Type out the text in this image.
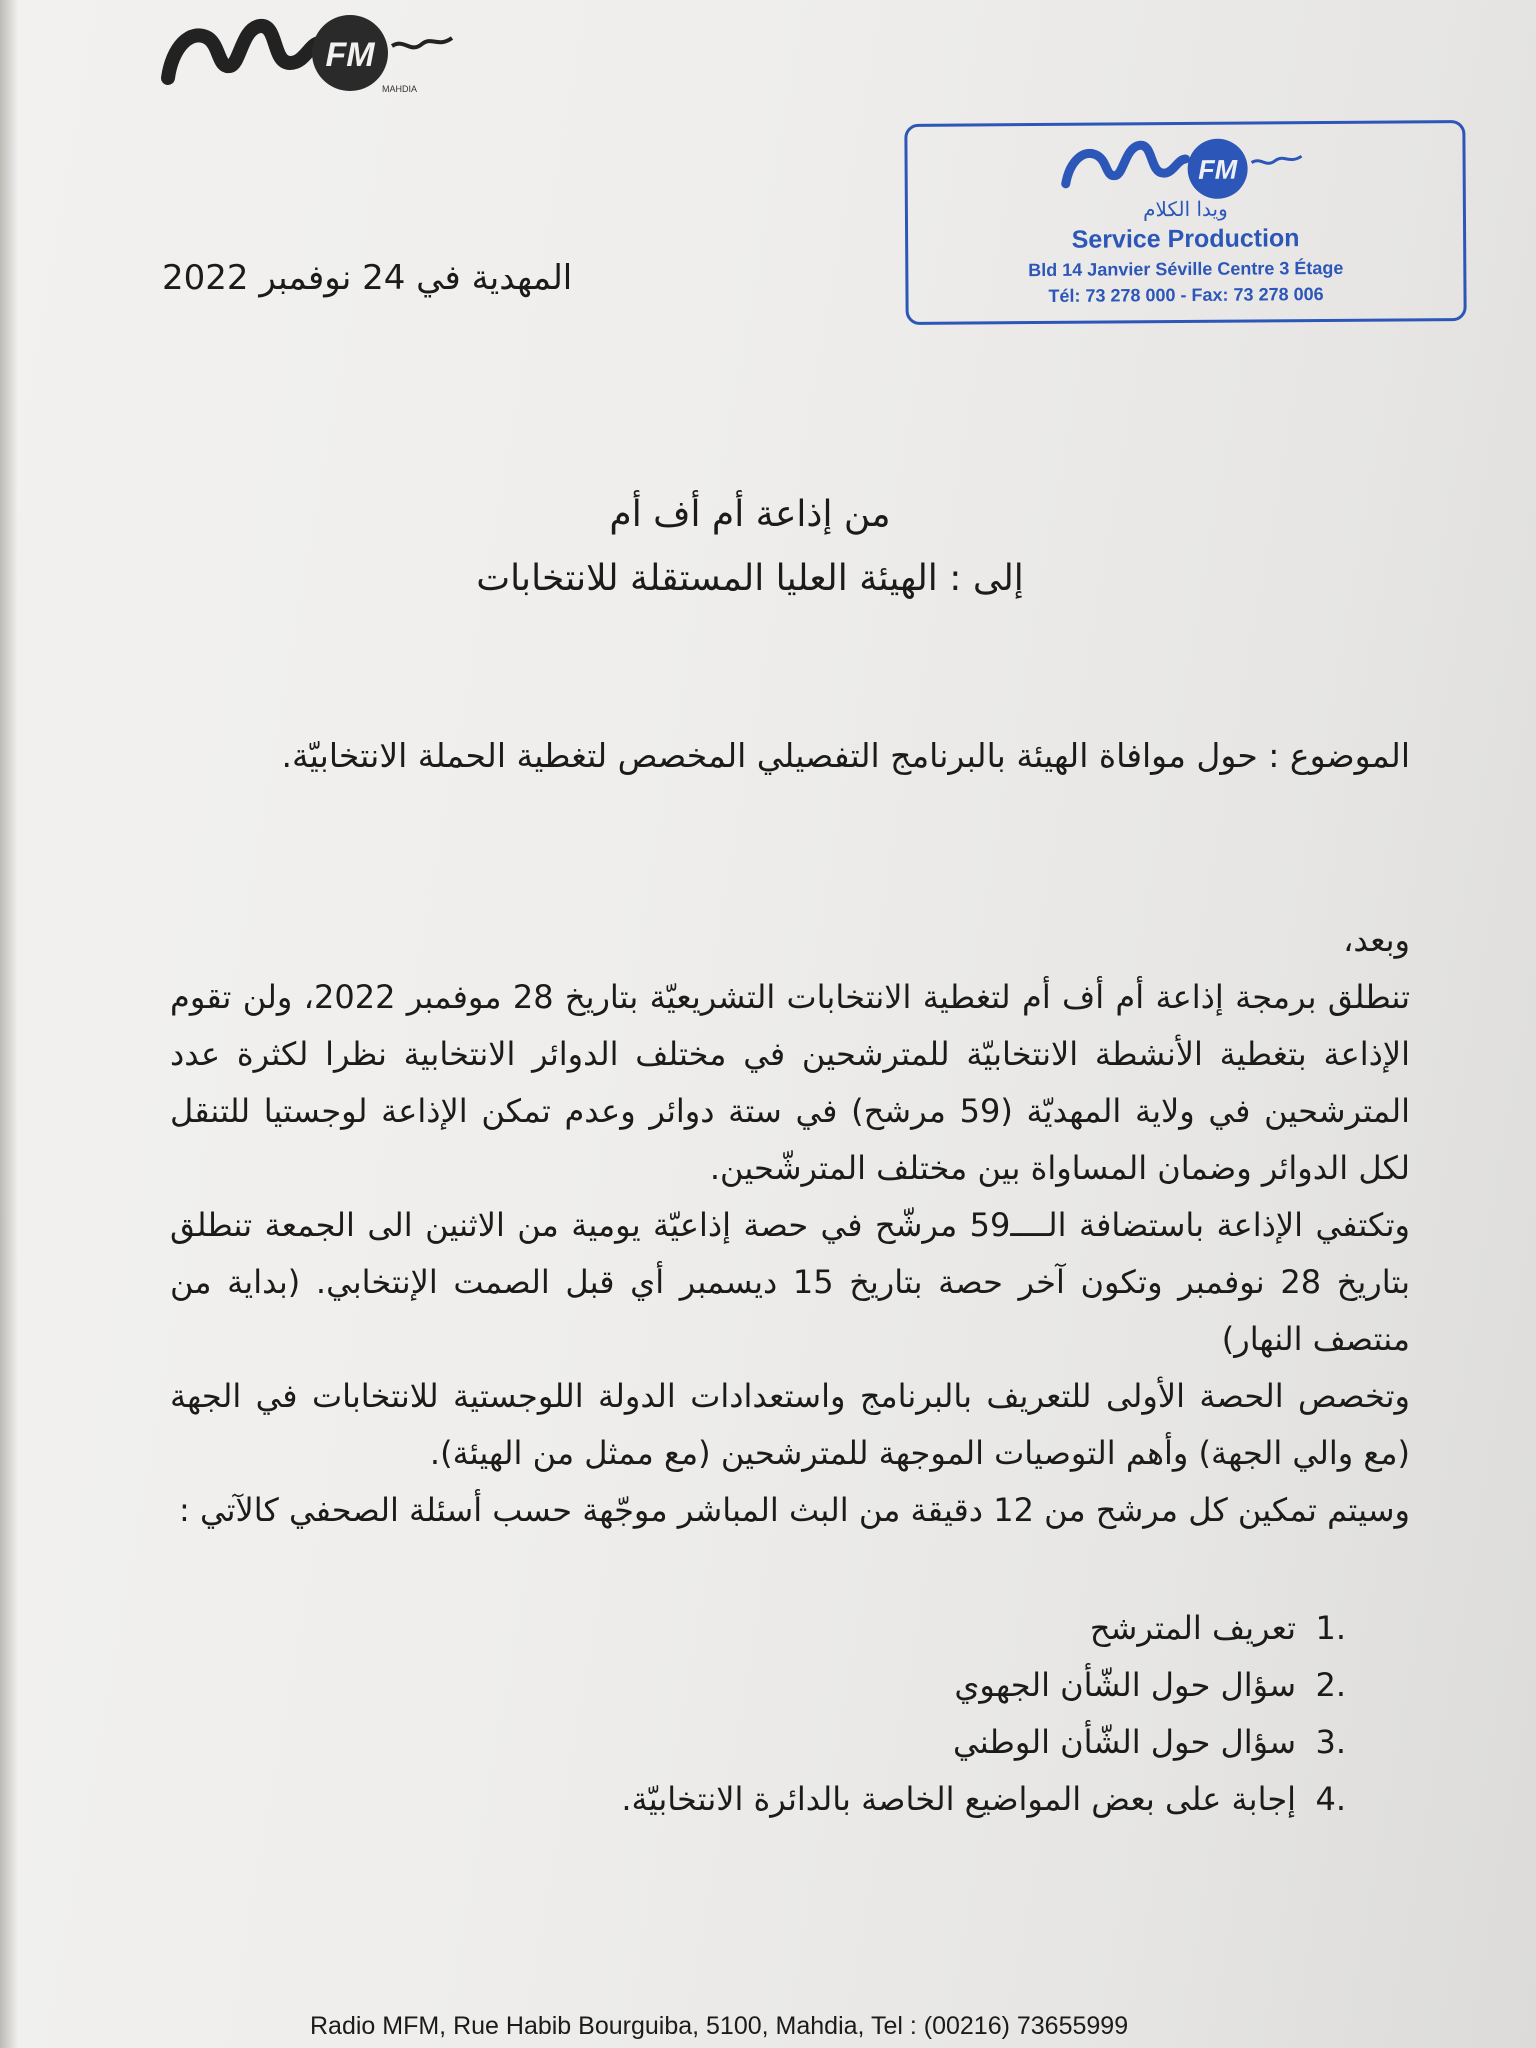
FM
MAHDIA
FM
ويدا الكلام
Service Production
Bld 14 Janvier Séville Centre 3 Étage
Tél: 73 278 000 - Fax: 73 278 006
المهدية في 24 نوفمبر 2022
من إذاعة أم أف أم
إلى : الهيئة العليا المستقلة للانتخابات
الموضوع : حول موافاة الهيئة بالبرنامج التفصيلي المخصص لتغطية الحملة الانتخابيّة.

وبعد،

تنطلق برمجة إذاعة أم أف أم لتغطية الانتخابات التشريعيّة بتاريخ 28 موفمبر 2022، ولن تقوم الإذاعة بتغطية الأنشطة الانتخابيّة للمترشحين في مختلف الدوائر الانتخابية نظرا لكثرة عدد المترشحين في ولاية المهديّة (59 مرشح) في ستة دوائر وعدم تمكن الإذاعة لوجستيا للتنقل لكل الدوائر وضمان المساواة بين مختلف المترشّحين.

وتكتفي الإذاعة باستضافة الــــ59 مرشّح في حصة إذاعيّة يومية من الاثنين الى الجمعة تنطلق بتاريخ 28 نوفمبر وتكون آخر حصة بتاريخ 15 ديسمبر أي قبل الصمت الإنتخابي. (بداية من منتصف النهار)

وتخصص الحصة الأولى للتعريف بالبرنامج واستعدادات الدولة اللوجستية للانتخابات في الجهة (مع والي الجهة) وأهم التوصيات الموجهة للمترشحين (مع ممثل من الهيئة).

وسيتم تمكين كل مرشح من 12 دقيقة من البث المباشر موجّهة حسب أسئلة الصحفي كالآتي :

1.
تعريف المترشح
2.
سؤال حول الشّأن الجهوي
3.
سؤال حول الشّأن الوطني
4.
إجابة على بعض المواضيع الخاصة بالدائرة الانتخابيّة.
Radio MFM, Rue Habib Bourguiba, 5100, Mahdia, Tel : (00216) 73655999
